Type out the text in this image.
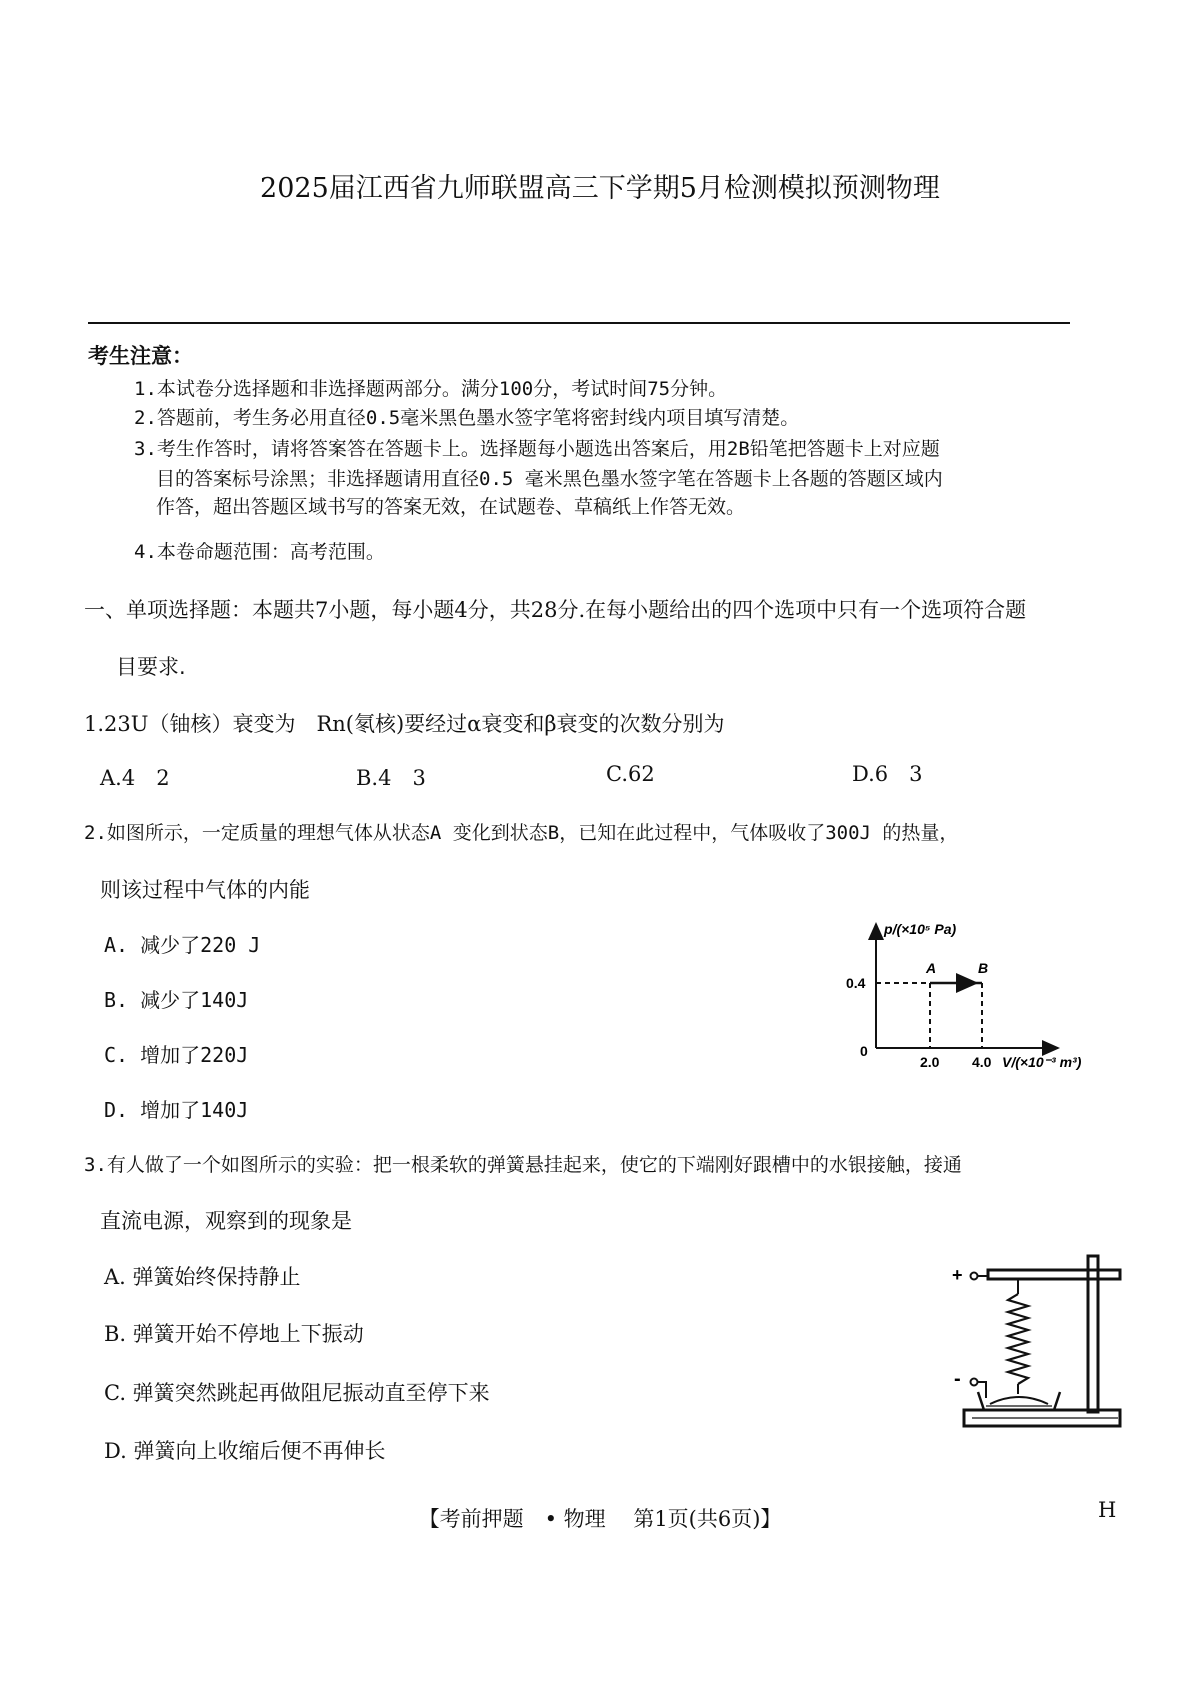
2025届江西省九师联盟高三下学期5月检测模拟预测物理
考生注意：
1.本试卷分选择题和非选择题两部分。满分100分，考试时间75分钟。
2.答题前，考生务必用直径0.5毫米黑色墨水签字笔将密封线内项目填写清楚。
3.考生作答时，请将答案答在答题卡上。选择题每小题选出答案后，用2B铅笔把答题卡上对应题
目的答案标号涂黑；非选择题请用直径0.5 毫米黑色墨水签字笔在答题卡上各题的答题区域内
作答，超出答题区域书写的答案无效，在试题卷、草稿纸上作答无效。
4.本卷命题范围：高考范围。
一、单项选择题：本题共7小题，每小题4分，共28分.在每小题给出的四个选项中只有一个选项符合题
目要求.
1.23U（铀核）衰变为　Rn(氡核)要经过α衰变和β衰变的次数分别为
A.4　2	B.4　3	C.62	D.6　3
2.如图所示，一定质量的理想气体从状态A 变化到状态B，已知在此过程中，气体吸收了300J 的热量，
则该过程中气体的内能
A. 减少了220 J
B. 减少了140J
C. 增加了220J
D. 增加了140J
p/(×10⁵ Pa)
0.4
0
A	B
2.0 4.0 V/(×10⁻³ m³)
3.有人做了一个如图所示的实验：把一根柔软的弹簧悬挂起来，使它的下端刚好跟槽中的水银接触，接通
直流电源，观察到的现象是
A. 弹簧始终保持静止
B. 弹簧开始不停地上下振动
C. 弹簧突然跳起再做阻尼振动直至停下来
D. 弹簧向上收缩后便不再伸长
+
-
【考前押题　• 物理　 第1页(共6页)】	H
